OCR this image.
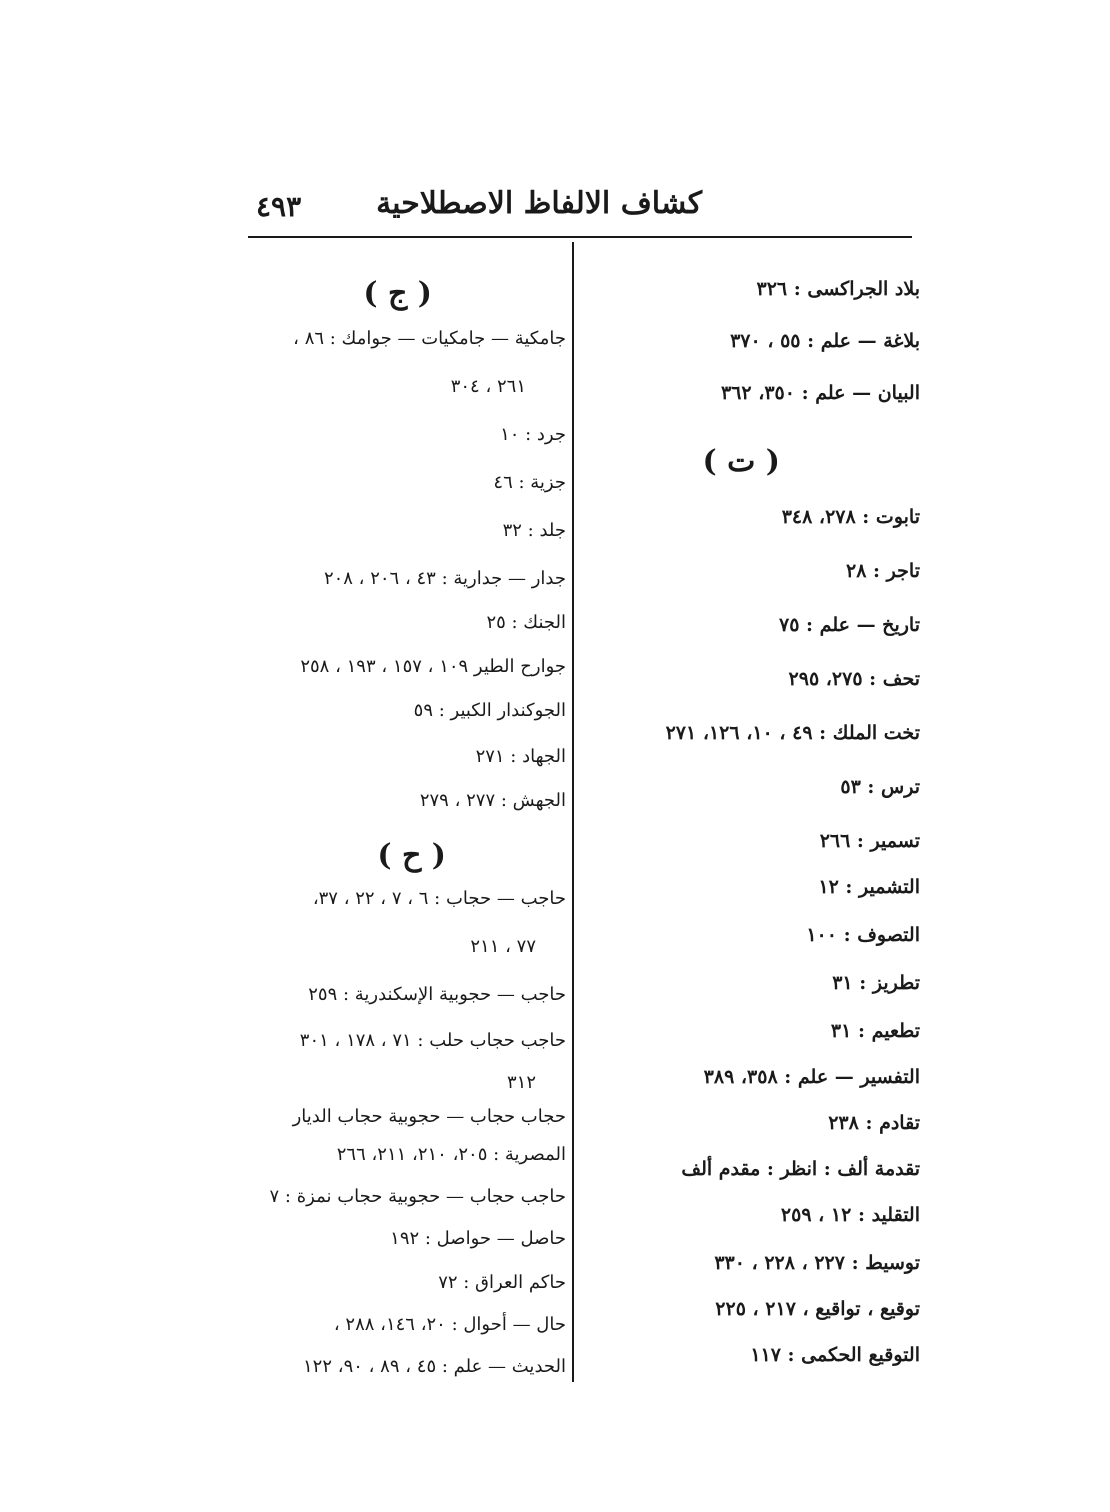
٤٩٣ كشاف الالفاظ الاصطلاحية
بلاد الجراكسى : ٣٢٦
بلاغة — علم : ٥٥ ، ٣٧٠
البيان — علم : ٣٥٠، ٣٦٢
( ت )
تابوت : ٢٧٨، ٣٤٨
تاجر : ٢٨
تاريخ — علم : ٧٥
تحف : ٢٧٥، ٢٩٥
تخت الملك : ٤٩ ، ١٠، ١٢٦، ٢٧١
ترس : ٥٣
تسمير : ٢٦٦
التشمير : ١٢
التصوف : ١٠٠
تطريز : ٣١
تطعيم : ٣١
التفسير — علم : ٣٥٨، ٣٨٩
تقادم : ٢٣٨
تقدمة ألف : انظر : مقدم ألف
التقليد : ١٢ ، ٢٥٩
توسيط : ٢٢٧ ، ٢٢٨ ، ٣٣٠
توقيع ، تواقيع ، ٢١٧ ، ٢٢٥
التوقيع الحكمى : ١١٧
( ج )
جامكية — جامكيات — جوامك : ٨٦ ،
٢٦١ ، ٣٠٤
جرد : ١٠
جزية : ٤٦
جلد : ٣٢
جدار — جدارية : ٤٣ ، ٢٠٦ ، ٢٠٨
الجنك : ٢٥
جوارح الطير ١٠٩ ، ١٥٧ ، ١٩٣ ، ٢٥٨
الجوكندار الكبير : ٥٩
الجهاد : ٢٧١
الجهش : ٢٧٧ ، ٢٧٩
( ح )
حاجب — حجاب : ٦ ، ٧ ، ٢٢ ، ٣٧،
٧٧ ، ٢١١
حاجب — حجوبية الإسكندرية : ٢٥٩
حاجب حجاب حلب : ٧١ ، ١٧٨ ، ٣٠١
٣١٢
حجاب حجاب — حجوبية حجاب الديار
المصرية : ٢٠٥، ٢١٠، ٢١١، ٢٦٦
حاجب حجاب — حجوبية حجاب نمزة : ٧
حاصل — حواصل : ١٩٢
حاكم العراق : ٧٢
حال — أحوال : ٢٠، ١٤٦، ٢٨٨ ،
الحديث — علم : ٤٥ ، ٨٩ ، ٩٠، ١٢٢
